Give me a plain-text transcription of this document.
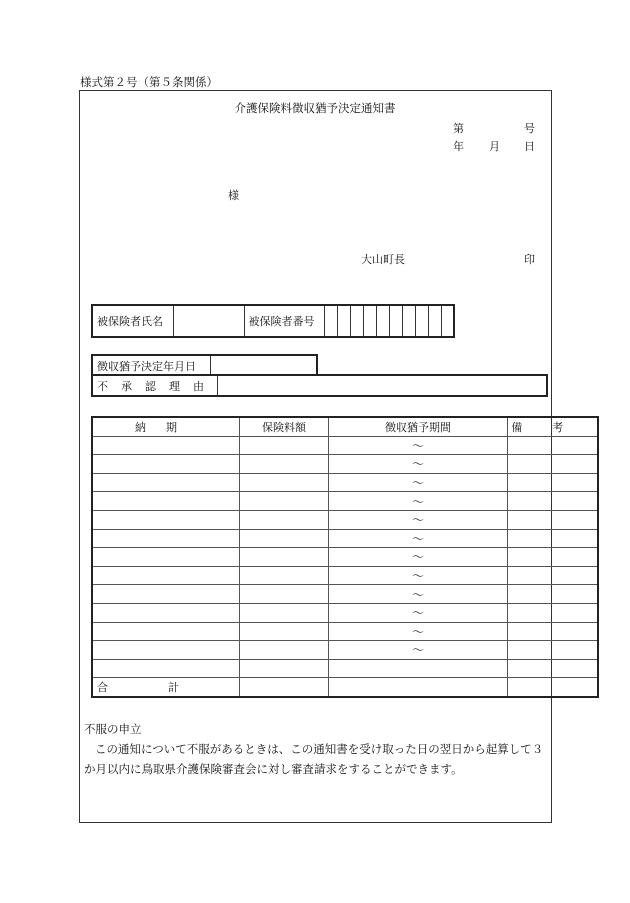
様式第２号（第５条関係）
介護保険料徴収猶予決定通知書
第	号
年 月 日
様
大山町長	印
被保険者氏名		被保険者番号										
徴収猶予決定年月日	
不承認理由	
納期	保険料額	徴収猶予期間	備考
		～	
		～	
		～	
		～	
		～	
		～	
		～	
		～	
		～	
		～	
		～	
		～	

合計			
不服の申立
この通知について不服があるときは、この通知書を受け取った日の翌日から起算して３か月以内に鳥取県介護保険審査会に対し審査請求をすることができます。
